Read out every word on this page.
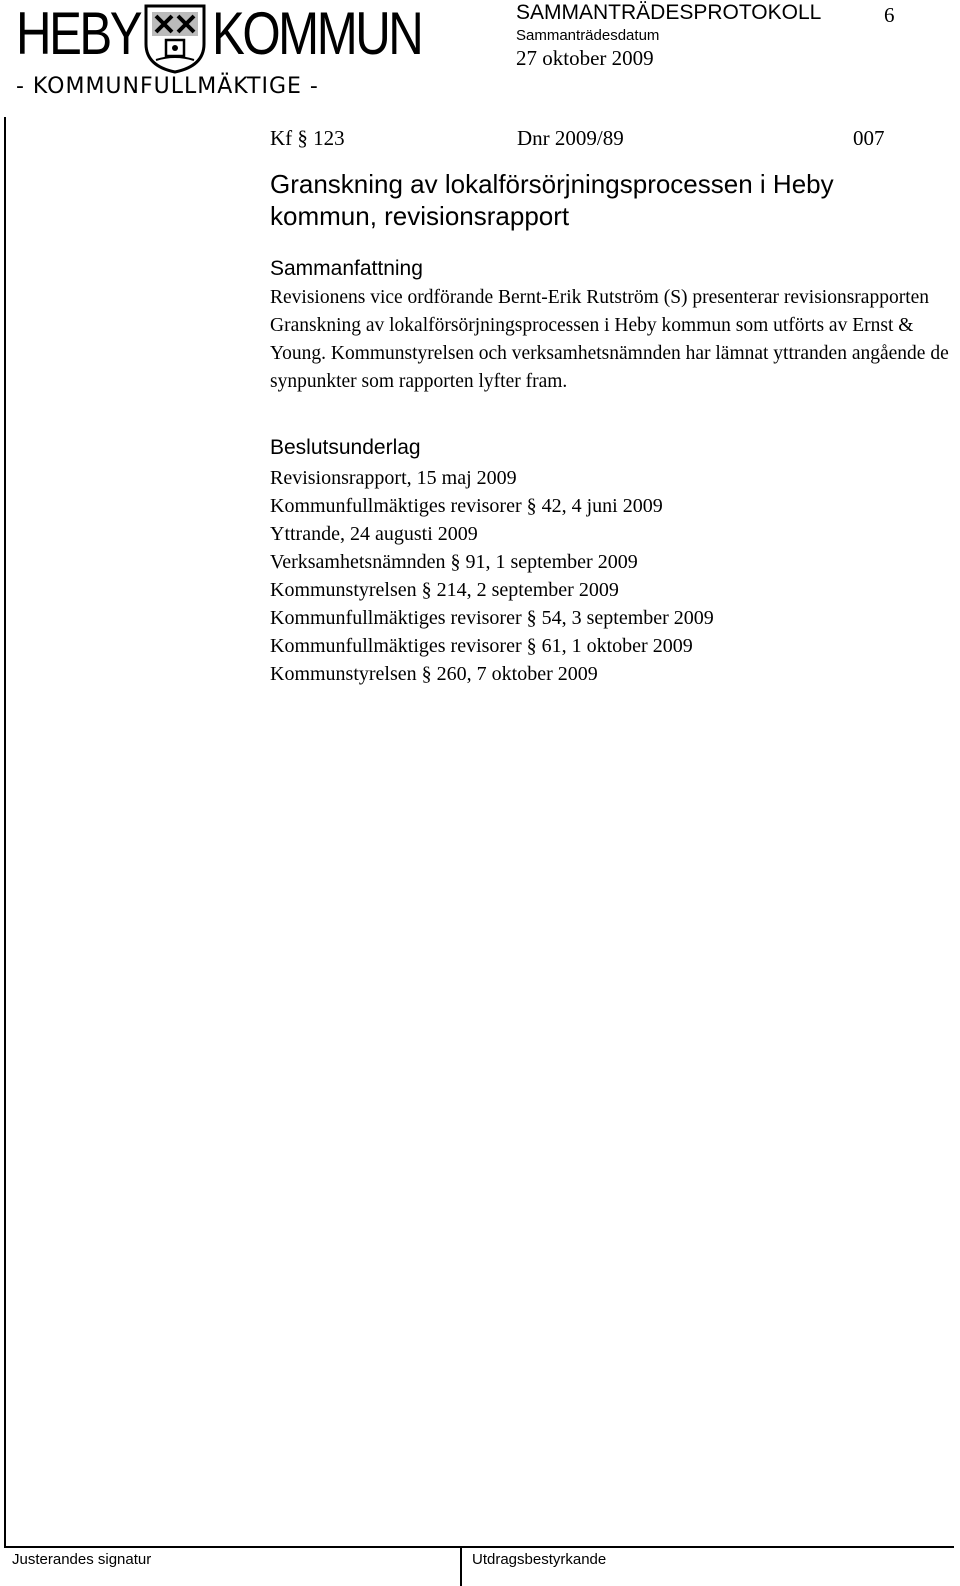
HEBY KOMMUN
- KOMMUNFULLMÄKTIGE -
SAMMANTRÄDESPROTOKOLL	6
Sammanträdesdatum
27 oktober 2009
Kf § 123	Dnr 2009/89	007
Granskning av lokalförsörjningsprocessen i Heby kommun, revisionsrapport
Sammanfattning
Revisionens vice ordförande Bernt-Erik Rutström (S) presenterar revisionsrapporten Granskning av lokalförsörjningsprocessen i Heby kommun som utförts av Ernst & Young. Kommunstyrelsen och verksamhetsnämnden har lämnat yttranden angående de synpunkter som rapporten lyfter fram.
Beslutsunderlag
Revisionsrapport, 15 maj 2009
Kommunfullmäktiges revisorer § 42, 4 juni 2009
Yttrande, 24 augusti 2009
Verksamhetsnämnden § 91, 1 september 2009
Kommunstyrelsen § 214, 2 september 2009
Kommunfullmäktiges revisorer § 54, 3 september 2009
Kommunfullmäktiges revisorer § 61, 1 oktober 2009
Kommunstyrelsen § 260, 7 oktober 2009
Justerandes signatur	Utdragsbestyrkande
